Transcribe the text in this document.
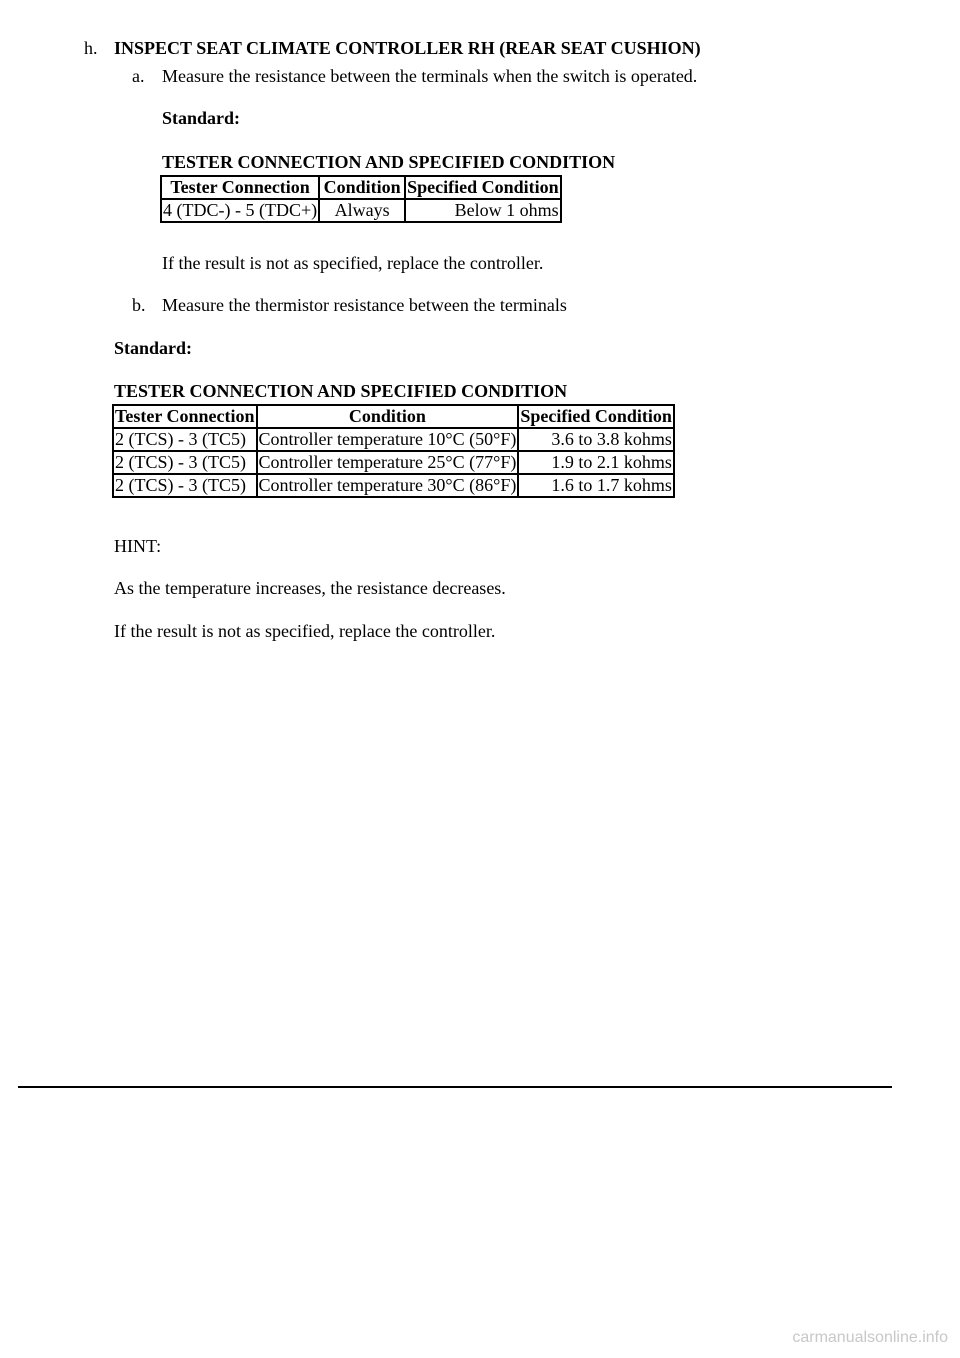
h. INSPECT SEAT CLIMATE CONTROLLER RH (REAR SEAT CUSHION)
a. Measure the resistance between the terminals when the switch is operated.
Standard:
TESTER CONNECTION AND SPECIFIED CONDITION
Tester Connection	Condition	Specified Condition
4 (TDC-) - 5 (TDC+)	Always	Below 1 ohms
If the result is not as specified, replace the controller.
b. Measure the thermistor resistance between the terminals
Standard:
TESTER CONNECTION AND SPECIFIED CONDITION
Tester Connection	Condition	Specified Condition
2 (TCS) - 3 (TC5)	Controller temperature 10°C (50°F)	3.6 to 3.8 kohms
2 (TCS) - 3 (TC5)	Controller temperature 25°C (77°F)	1.9 to 2.1 kohms
2 (TCS) - 3 (TC5)	Controller temperature 30°C (86°F)	1.6 to 1.7 kohms
HINT:
As the temperature increases, the resistance decreases.
If the result is not as specified, replace the controller.
carmanualsonline.info
